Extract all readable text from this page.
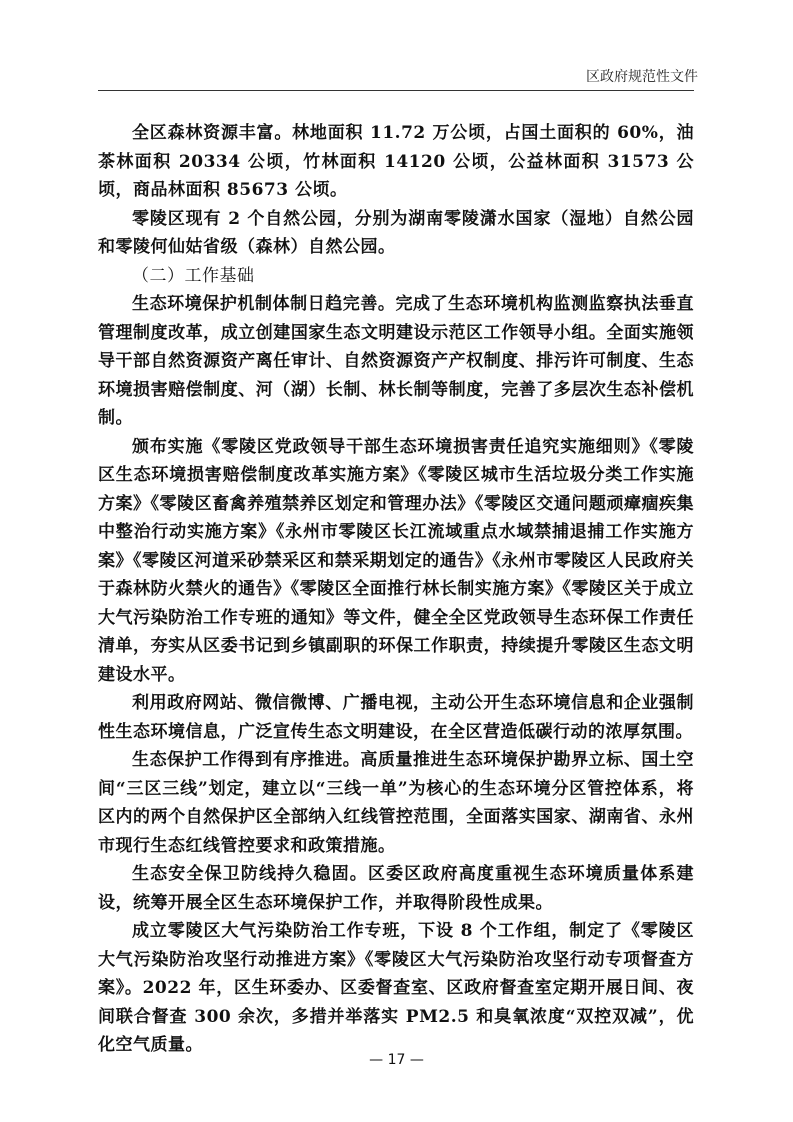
区政府规范性文件

全区森林资源丰富。林地面积 11.72 万公顷，占国土面积的 60%，油茶林面积 20334 公顷，竹林面积 14120 公顷，公益林面积 31573 公顷，商品林面积 85673 公顷。

零陵区现有 2 个自然公园，分别为湖南零陵潇水国家（湿地）自然公园和零陵何仙姑省级（森林）自然公园。

（二）工作基础

生态环境保护机制体制日趋完善。完成了生态环境机构监测监察执法垂直管理制度改革，成立创建国家生态文明建设示范区工作领导小组。全面实施领导干部自然资源资产离任审计、自然资源资产产权制度、排污许可制度、生态环境损害赔偿制度、河（湖）长制、林长制等制度，完善了多层次生态补偿机制。

颁布实施《零陵区党政领导干部生态环境损害责任追究实施细则》《零陵区生态环境损害赔偿制度改革实施方案》《零陵区城市生活垃圾分类工作实施方案》《零陵区畜禽养殖禁养区划定和管理办法》《零陵区交通问题顽瘴痼疾集中整治行动实施方案》《永州市零陵区长江流域重点水域禁捕退捕工作实施方案》《零陵区河道采砂禁采区和禁采期划定的通告》《永州市零陵区人民政府关于森林防火禁火的通告》《零陵区全面推行林长制实施方案》《零陵区关于成立大气污染防治工作专班的通知》等文件，健全全区党政领导生态环保工作责任清单，夯实从区委书记到乡镇副职的环保工作职责，持续提升零陵区生态文明建设水平。

利用政府网站、微信微博、广播电视，主动公开生态环境信息和企业强制性生态环境信息，广泛宣传生态文明建设，在全区营造低碳行动的浓厚氛围。

生态保护工作得到有序推进。高质量推进生态环境保护勘界立标、国土空间“三区三线”划定，建立以“三线一单”为核心的生态环境分区管控体系，将区内的两个自然保护区全部纳入红线管控范围，全面落实国家、湖南省、永州市现行生态红线管控要求和政策措施。

生态安全保卫防线持久稳固。区委区政府高度重视生态环境质量体系建设，统筹开展全区生态环境保护工作，并取得阶段性成果。

成立零陵区大气污染防治工作专班，下设 8 个工作组，制定了《零陵区大气污染防治攻坚行动推进方案》《零陵区大气污染防治攻坚行动专项督查方案》。2022 年，区生环委办、区委督查室、区政府督查室定期开展日间、夜间联合督查 300 余次，多措并举落实 PM2.5 和臭氧浓度“双控双减”，优化空气质量。

— 17 —
